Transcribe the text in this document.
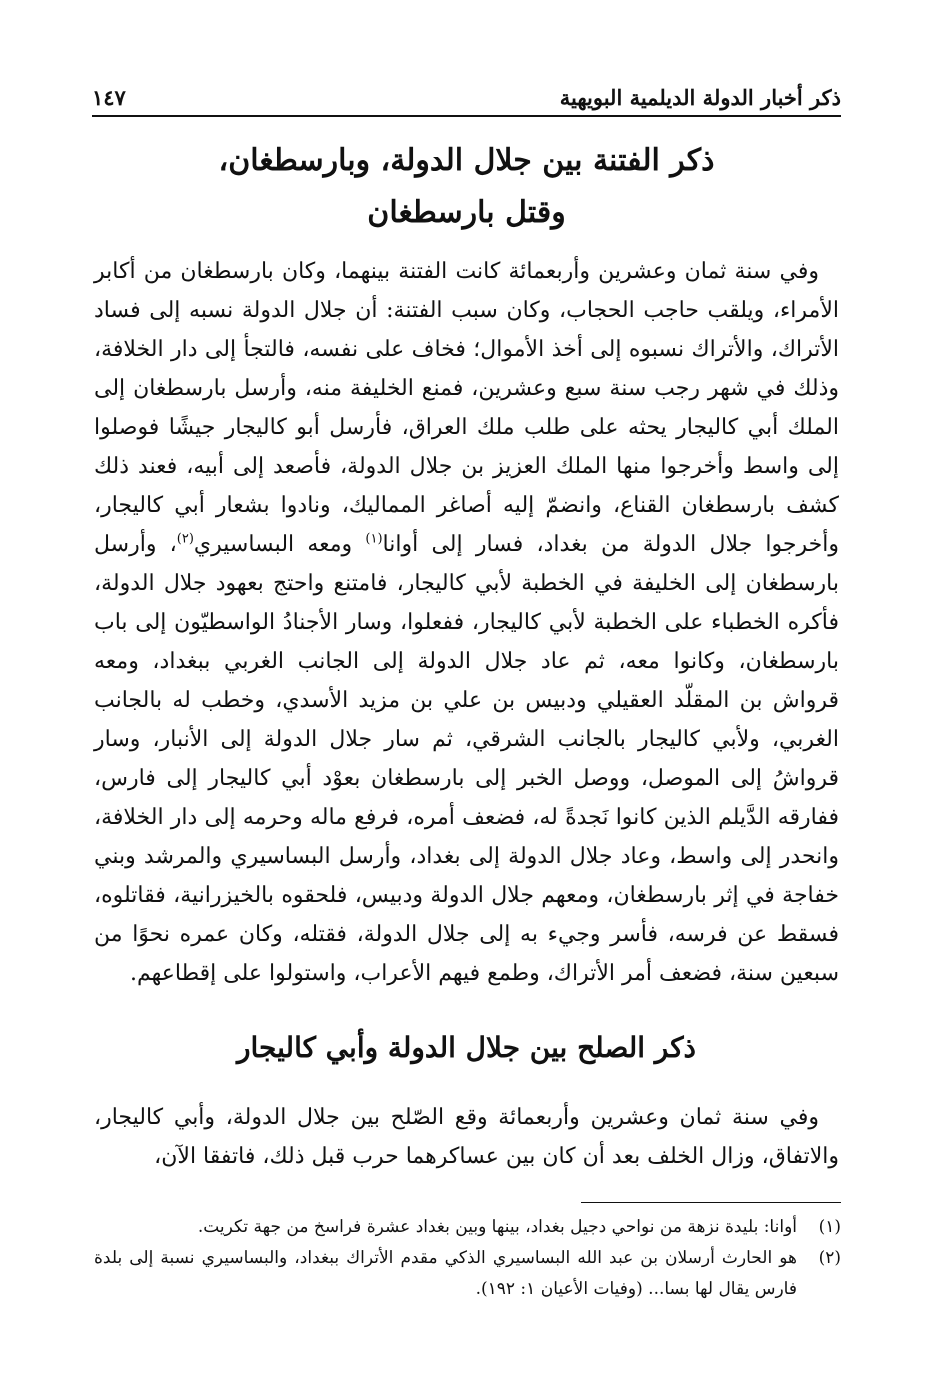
ذكر أخبار الدولة الديلمية البويهية
١٤٧
ذكر الفتنة بين جلال الدولة، وبارسطغان،
وقتل بارسطغان

وفي سنة ثمان وعشرين وأربعمائة كانت الفتنة بينهما، وكان بارسطغان من أكابر الأمراء، ويلقب حاجب الحجاب، وكان سبب الفتنة: أن جلال الدولة نسبه إلى فساد الأتراك، والأتراك نسبوه إلى أخذ الأموال؛ فخاف على نفسه، فالتجأ إلى دار الخلافة، وذلك في شهر رجب سنة سبع وعشرين، فمنع الخليفة منه، وأرسل بارسطغان إلى الملك أبي كاليجار يحثه على طلب ملك العراق، فأرسل أبو كاليجار جيشًا فوصلوا إلى واسط وأخرجوا منها الملك العزيز بن جلال الدولة، فأصعد إلى أبيه، فعند ذلك كشف بارسطغان القناع، وانضمّ إليه أصاغر المماليك، ونادوا بشعار أبي كاليجار، وأخرجوا جلال الدولة من بغداد، فسار إلى أوانا$^{(١)}$ ومعه البساسيري$^{(٢)}$، وأرسل بارسطغان إلى الخليفة في الخطبة لأبي كاليجار، فامتنع واحتج بعهود جلال الدولة، فأكره الخطباء على الخطبة لأبي كاليجار، ففعلوا، وسار الأجنادُ الواسطيّون إلى باب بارسطغان، وكانوا معه، ثم عاد جلال الدولة إلى الجانب الغربي ببغداد، ومعه قرواش بن المقلّد العقيلي ودبيس بن علي بن مزيد الأسدي، وخطب له بالجانب الغربي، ولأبي كاليجار بالجانب الشرقي، ثم سار جلال الدولة إلى الأنبار، وسار قرواشُ إلى الموصل، ووصل الخبر إلى بارسطغان بعوْد أبي كاليجار إلى فارس، ففارقه الدَّيلم الذين كانوا نَجدةً له، فضعف أمره، فرفع ماله وحرمه إلى دار الخلافة، وانحدر إلى واسط، وعاد جلال الدولة إلى بغداد، وأرسل البساسيري والمرشد وبني خفاجة في إثر بارسطغان، ومعهم جلال الدولة ودبيس، فلحقوه بالخيزرانية، فقاتلوه، فسقط عن فرسه، فأسر وجيء به إلى جلال الدولة، فقتله، وكان عمره نحوًا من سبعين سنة، فضعف أمر الأتراك، وطمع فيهم الأعراب، واستولوا على إقطاعهم.

ذكر الصلح بين جلال الدولة وأبي كاليجار

وفي سنة ثمان وعشرين وأربعمائة وقع الصّلح بين جلال الدولة، وأبي كاليجار، والاتفاق، وزال الخلف بعد أن كان بين عساكرهما حرب قبل ذلك، فاتفقا الآن،

(١)
أوانا: بليدة نزهة من نواحي دجيل بغداد، بينها وبين بغداد عشرة فراسخ من جهة تكريت.
(٢)
هو الحارث أرسلان بن عبد الله البساسيري الذكي مقدم الأتراك ببغداد، والبساسيري نسبة إلى بلدة فارس يقال لها بسا... (وفيات الأعيان ١: ١٩٢).
